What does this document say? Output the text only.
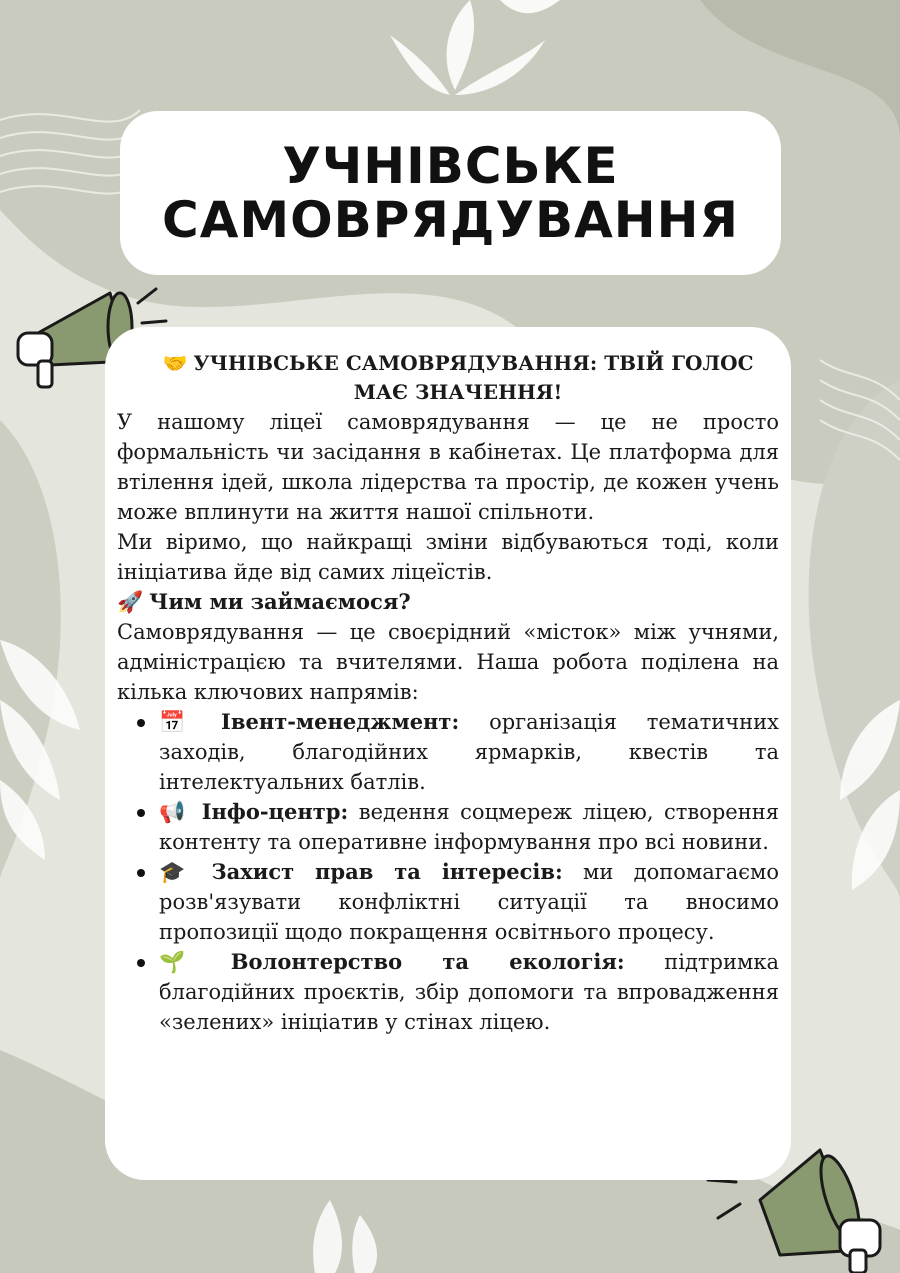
УЧНІВСЬКЕ
САМОВРЯДУВАННЯ
🤝 УЧНІВСЬКЕ САМОВРЯДУВАННЯ: ТВІЙ ГОЛОС МАЄ ЗНАЧЕННЯ!

У нашому ліцеї самоврядування — це не просто формальність чи засідання в кабінетах. Це платформа для втілення ідей, школа лідерства та простір, де кожен учень може вплинути на життя нашої спільноти.

Ми віримо, що найкращі зміни відбуваються тоді, коли ініціатива йде від самих ліцеїстів.

🚀 Чим ми займаємося?

Самоврядування — це своєрідний «місток» між учнями, адміністрацією та вчителями. Наша робота поділена на кілька ключових напрямів:

📅 Івент-менеджмент: організація тематичних заходів, благодійних ярмарків, квестів та інтелектуальних батлів.
📢 Інфо-центр: ведення соцмереж ліцею, створення контенту та оперативне інформування про всі новини.
🎓 Захист прав та інтересів: ми допомагаємо розв'язувати конфліктні ситуації та вносимо пропозиції щодо покращення освітнього процесу.
🌱 Волонтерство та екологія: підтримка благодійних проєктів, збір допомоги та впровадження «зелених» ініціатив у стінах ліцею.
